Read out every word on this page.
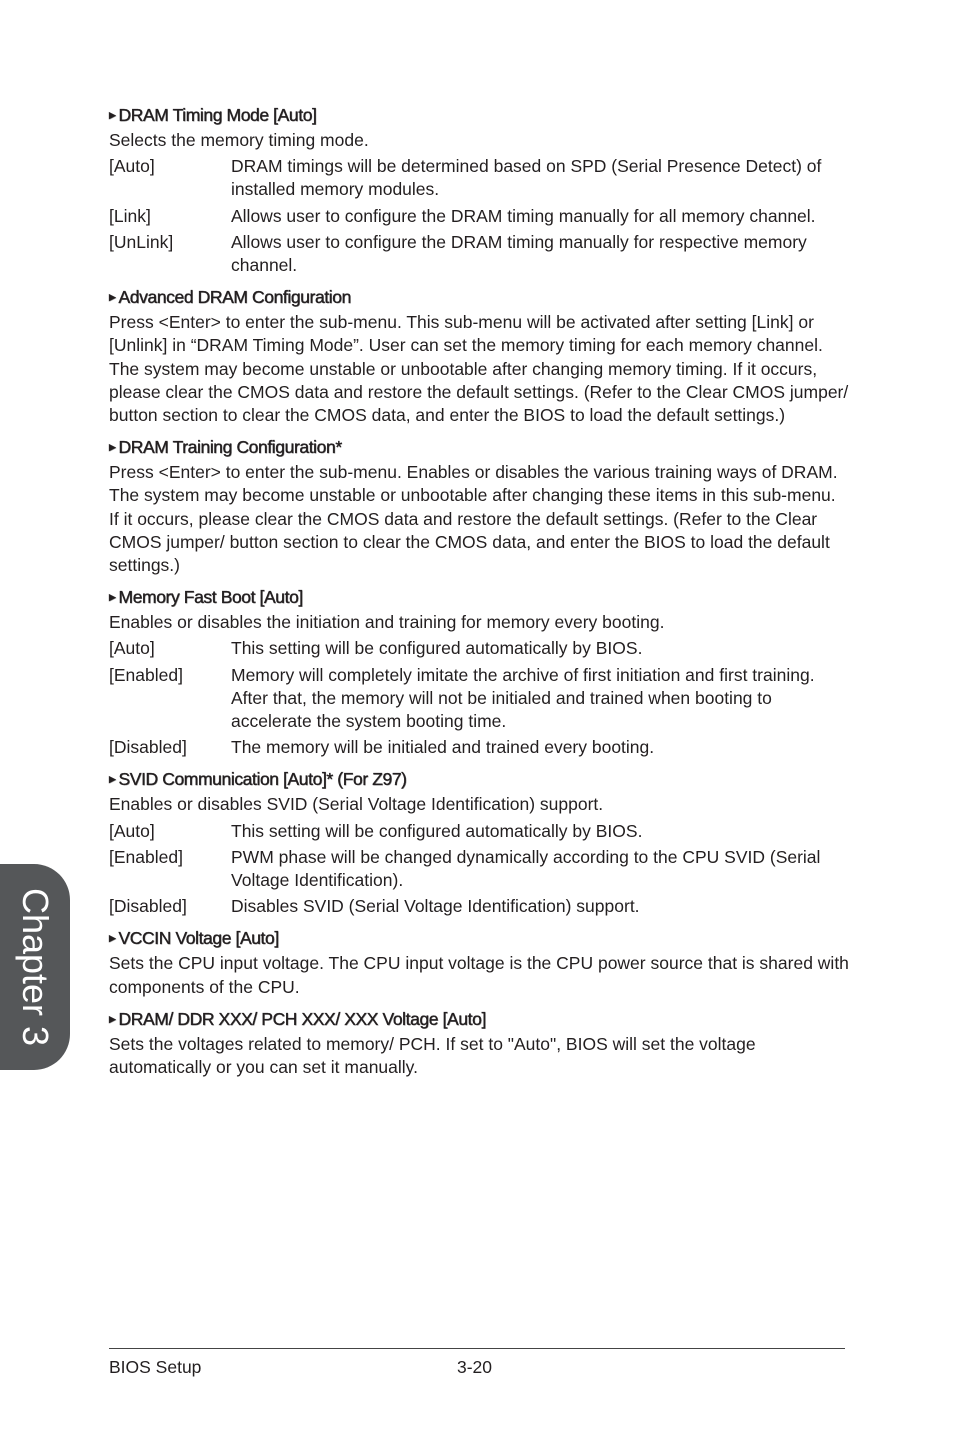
▶ DRAM Timing Mode [Auto]
Selects the memory timing mode.
[Auto]	DRAM timings will be determined based on SPD (Serial Presence Detect) of installed memory modules.
[Link]	Allows user to configure the DRAM timing manually for all memory channel.
[UnLink]	Allows user to configure the DRAM timing manually for respective memory channel.
▶ Advanced DRAM Configuration
Press <Enter> to enter the sub-menu. This sub-menu will be activated after setting [Link] or [Unlink] in “DRAM Timing Mode”. User can set the memory timing for each memory channel. The system may become unstable or unbootable after changing memory timing. If it occurs, please clear the CMOS data and restore the default settings. (Refer to the Clear CMOS jumper/ button section to clear the CMOS data, and enter the BIOS to load the default settings.)
▶ DRAM Training Configuration*
Press <Enter> to enter the sub-menu. Enables or disables the various training ways of DRAM. The system may become unstable or unbootable after changing these items in this sub-menu. If it occurs, please clear the CMOS data and restore the default settings. (Refer to the Clear CMOS jumper/ button section to clear the CMOS data, and enter the BIOS to load the default settings.)
▶ Memory Fast Boot [Auto]
Enables or disables the initiation and training for memory every booting.
[Auto]	This setting will be configured automatically by BIOS.
[Enabled]	Memory will completely imitate the archive of first initiation and first training. After that, the memory will not be initialed and trained when booting to accelerate the system booting time.
[Disabled]	The memory will be initialed and trained every booting.
▶ SVID Communication [Auto]* (For Z97)
Enables or disables SVID (Serial Voltage Identification) support.
[Auto]	This setting will be configured automatically by BIOS.
[Enabled]	PWM phase will be changed dynamically according to the CPU SVID (Serial Voltage Identification).
[Disabled]	Disables SVID (Serial Voltage Identification) support.
▶ VCCIN Voltage [Auto]
Sets the CPU input voltage. The CPU input voltage is the CPU power source that is shared with components of the CPU.
▶ DRAM/ DDR XXX/ PCH XXX/ XXX Voltage [Auto]
Sets the voltages related to memory/ PCH. If set to "Auto", BIOS will set the voltage automatically or you can set it manually.
Chapter 3
BIOS Setup	3-20
